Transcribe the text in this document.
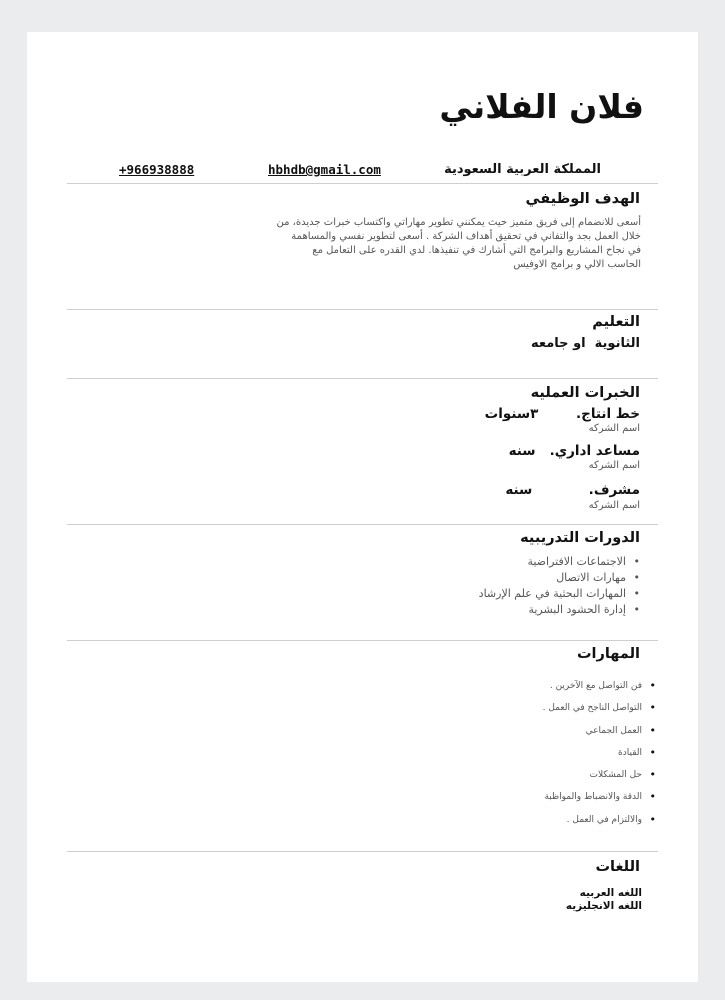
فلان الفلاني
+966938888	hbhdb@gmail.com	المملكة العربية السعودية
الهدف الوظيفي
أسعى للانضمام إلى فريق متميز حيث يمكنني تطوير مهاراتي واكتساب خبرات جديدة، من خلال العمل بجد والتفاني في تحقيق أهداف الشركة . أسعى لتطوير نفسي والمساهمة في نجاح المشاريع والبرامج التي أشارك في تنفيذها. لدي القدره على التعامل مع الحاسب الالي و برامج الاوفيس
التعليم
الثانوية  او جامعه
الخبرات العمليه
خط انتاج.        ٣سنوات
اسم الشركه
مساعد اداري.   سنه
اسم الشركه
مشرف.            سنه
اسم الشركه
الدورات التدريبيه
•
الاجتماعات الافتراضية
•
مهارات الاتصال
•
المهارات البحثية في علم الإرشاد
•
إدارة الحشود البشرية
المهارات
•
فن التواصل مع الآخرين .
•
التواصل الناجح في العمل .
•
العمل الجماعي
•
القيادة
•
حل المشكلات
•
الدقة والانضباط والمواظبة
•
والالتزام في العمل .
اللغات
اللغه العربيه
اللغه الانجليزيه
